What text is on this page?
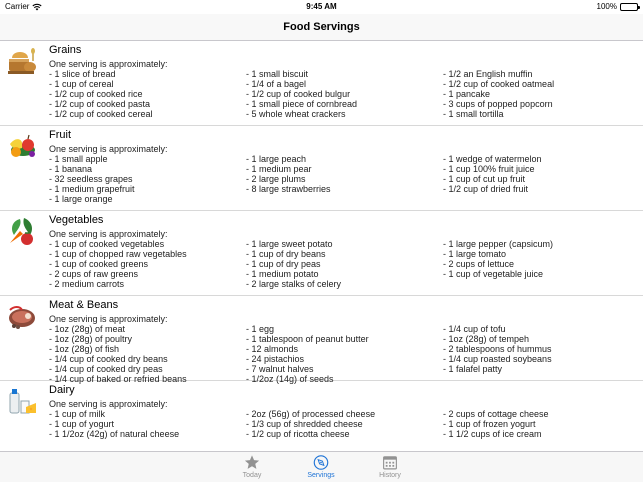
Carrier	9:45 AM	100%
Food Servings
Grains
One serving is approximately:
- 1 slice of bread
- 1 cup of cereal
- 1/2 cup of cooked rice
- 1/2 cup of cooked pasta
- 1/2 cup of cooked cereal
- 1 small biscuit
- 1/4 of a bagel
- 1/2 cup of cooked bulgur
- 1 small piece of cornbread
- 5 whole wheat crackers
- 1/2 an English muffin
- 1/2 cup of cooked oatmeal
- 1 pancake
- 3 cups of popped popcorn
- 1 small tortilla
Fruit
One serving is approximately:
- 1 small apple
- 1 banana
- 32 seedless grapes
- 1 medium grapefruit
- 1 large orange
- 1 large peach
- 1 medium pear
- 2 large plums
- 8 large strawberries
- 1 wedge of watermelon
- 1 cup 100% fruit juice
- 1 cup of cut up fruit
- 1/2 cup of dried fruit
Vegetables
One serving is approximately:
- 1 cup of cooked vegetables
- 1 cup of chopped raw vegetables
- 1 cup of cooked greens
- 2 cups of raw greens
- 2 medium carrots
- 1 large sweet potato
- 1 cup of dry beans
- 1 cup of dry peas
- 1 medium potato
- 2 large stalks of celery
- 1 large pepper (capsicum)
- 1 large tomato
- 2 cups of lettuce
- 1 cup of vegetable juice
Meat & Beans
One serving is approximately:
- 1oz (28g) of meat
- 1oz (28g) of poultry
- 1oz (28g) of fish
- 1/4 cup of cooked dry beans
- 1/4 cup of cooked dry peas
- 1/4 cup of baked or refried beans
- 1 egg
- 1 tablespoon of peanut butter
- 12 almonds
- 24 pistachios
- 7 walnut halves
- 1/2oz (14g) of seeds
- 1/4 cup of tofu
- 1oz (28g) of tempeh
- 2 tablespoons of hummus
- 1/4 cup roasted soybeans
- 1 falafel patty
Dairy
One serving is approximately:
- 1 cup of milk
- 1 cup of yogurt
- 1 1/2oz (42g) of natural cheese
- 2oz (56g) of processed cheese
- 1/3 cup of shredded cheese
- 1/2 cup of ricotta cheese
- 2 cups of cottage cheese
- 1 cup of frozen yogurt
- 1 1/2 cups of ice cream
Today	Servings	History
